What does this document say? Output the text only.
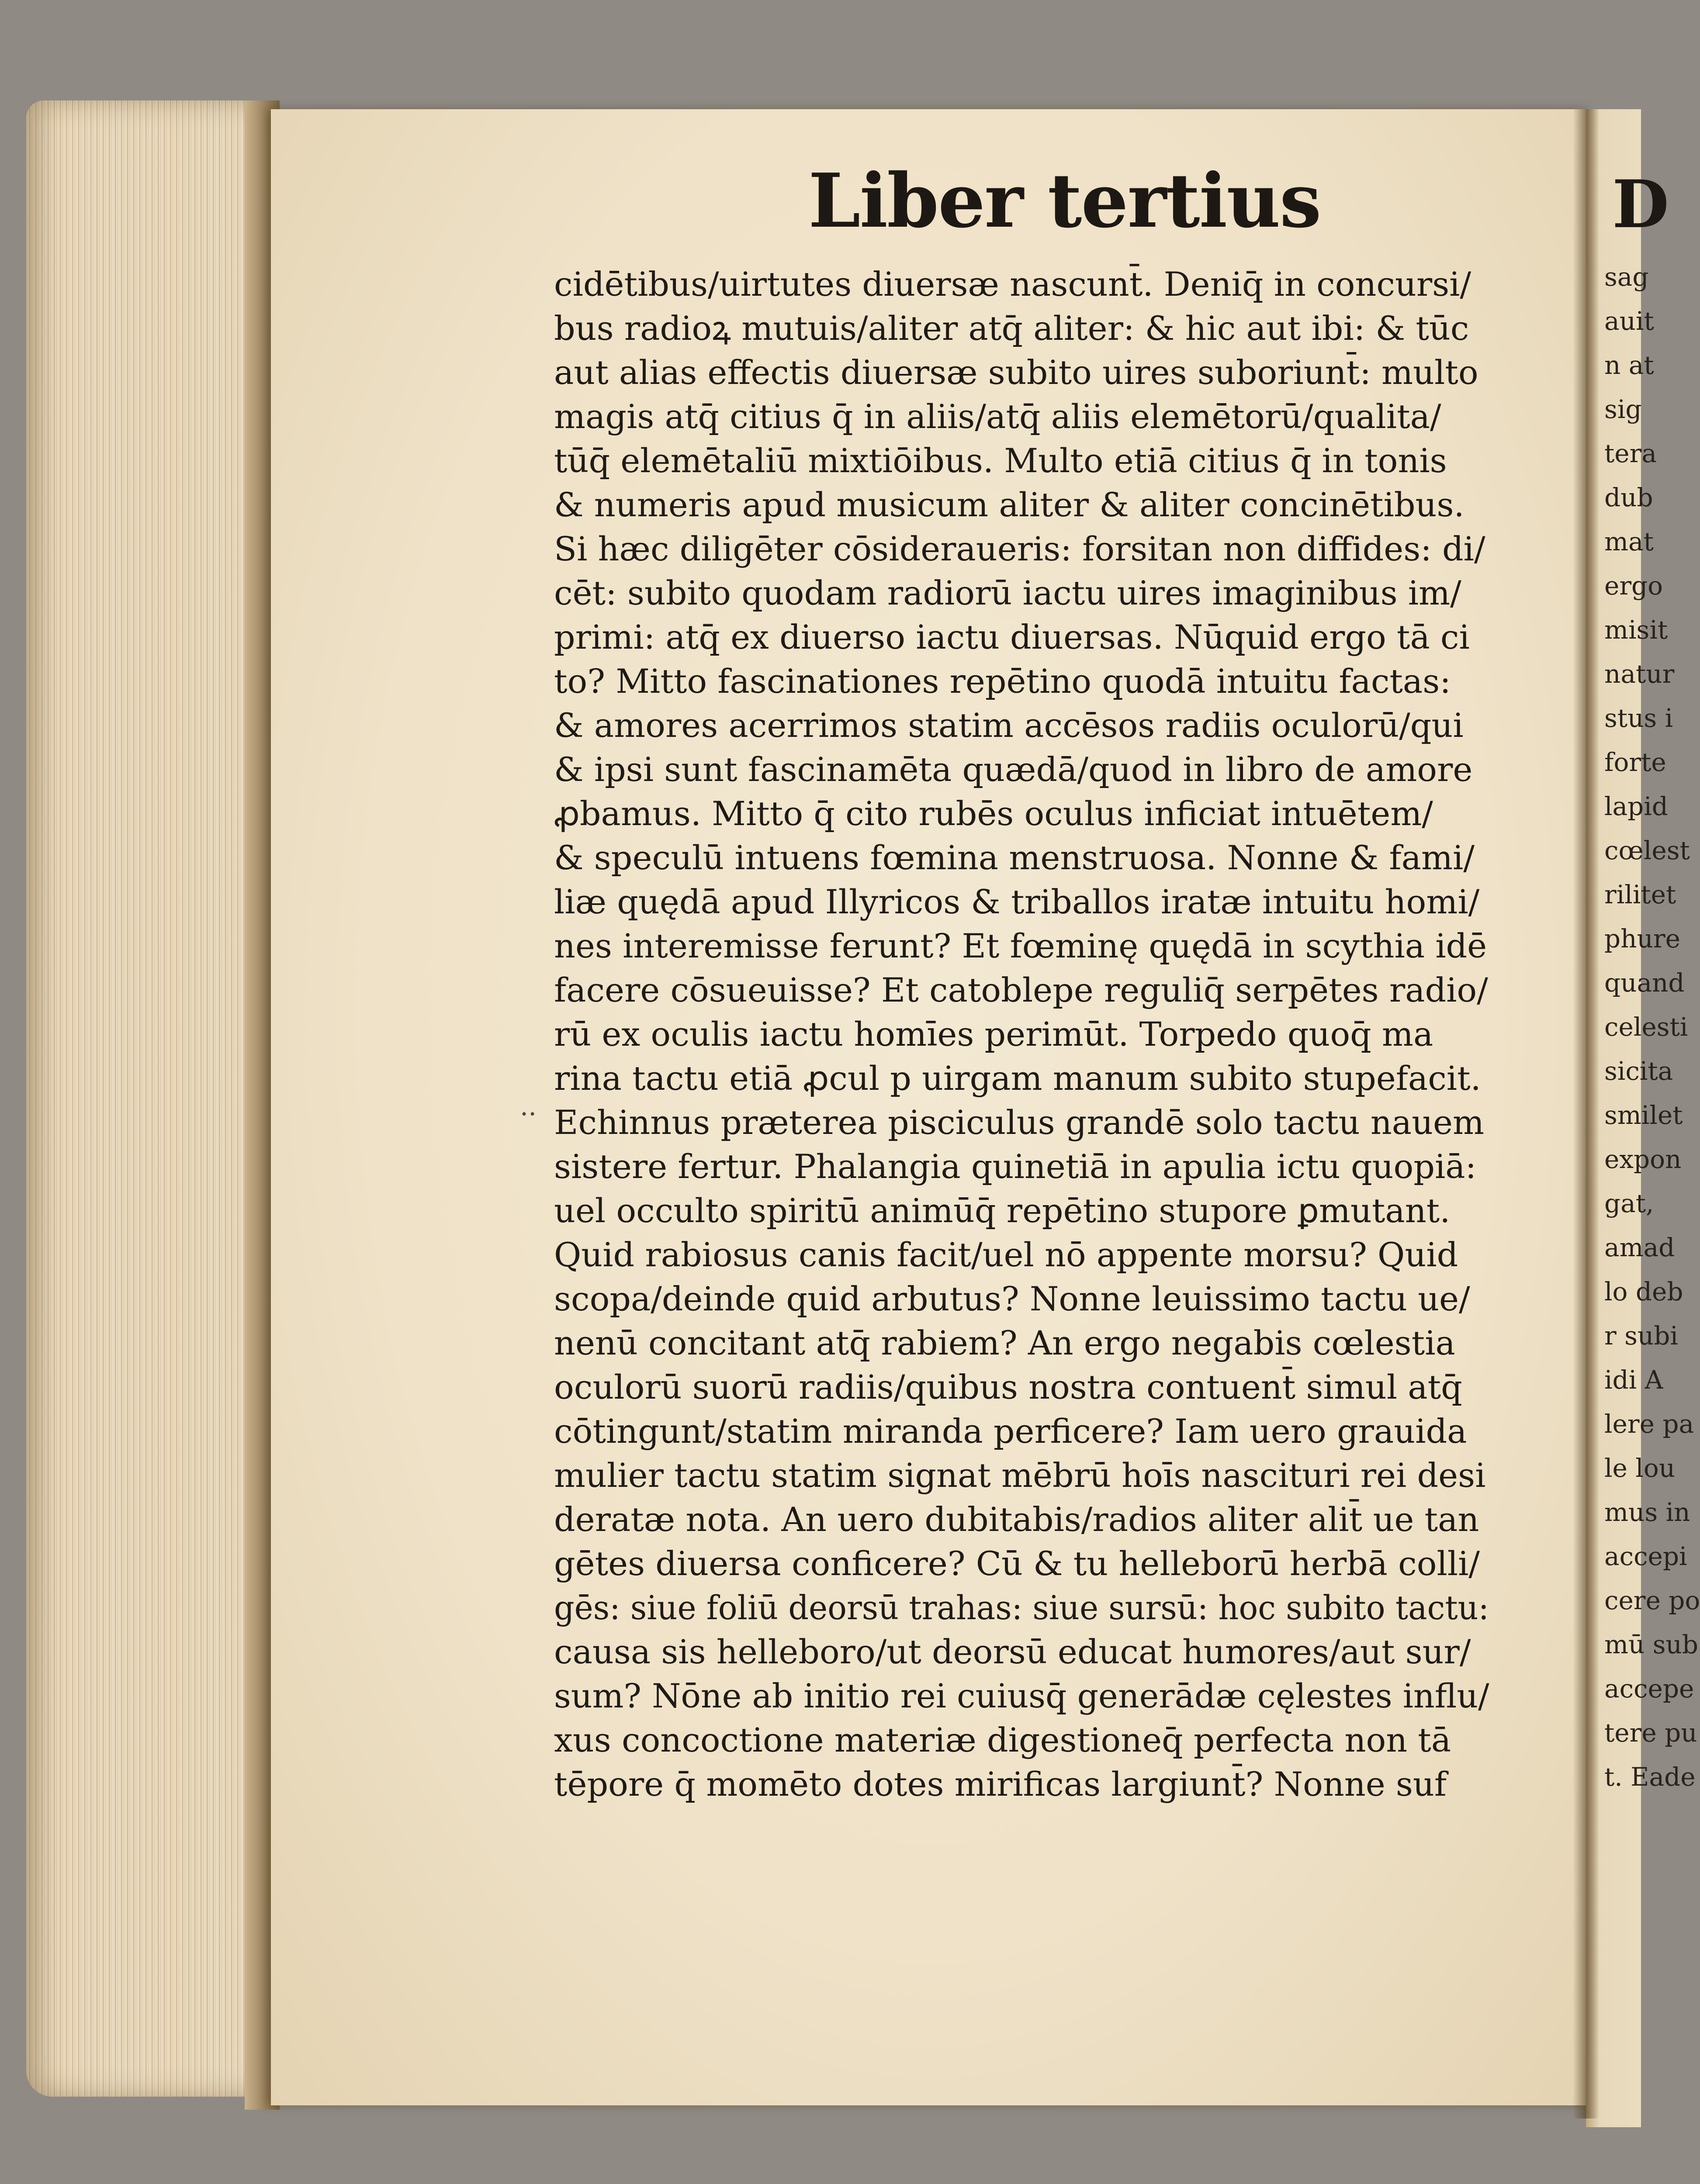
Liber tertius
..
cidētibus/uirtutes diuersæ nascunt̄. Deniq̄ in concursi/
bus radioꝝ mutuis/aliter atq̄ aliter: & hic aut ibi: & tūc
aut alias effectis diuersæ subito uires suboriunt̄: multo
magis atq̄ citius q̄ in aliis/atq̄ aliis elemētorū/qualita/
tūq̄ elemētaliū mixtiōibus. Multo etiā citius q̄ in tonis
& numeris apud musicum aliter & aliter concinētibus.
Si hæc diligēter cōsideraueris: forsitan non diffides: di/
cēt: subito quodam radiorū iactu uires imaginibus im/
primi: atq̄ ex diuerso iactu diuersas. Nūquid ergo tā ci
to? Mitto fascinationes repētino quodā intuitu factas:
& amores acerrimos statim accēsos radiis oculorū/qui
& ipsi sunt fascinamēta quædā/quod in libro de amore
ꝓbamus. Mitto q̄ cito rubēs oculus inficiat intuētem/
& speculū intuens fœmina menstruosa. Nonne & fami/
liæ quędā apud Illyricos & triballos iratæ intuitu homi/
nes interemisse ferunt? Et fœminę quędā in scythia idē
facere cōsueuisse? Et catoblepe reguliq̄ serpētes radio/
rū ex oculis iactu homīes perimūt. Torpedo quoq̄ ma
rina tactu etiā ꝓcul p uirgam manum subito stupefacit.
Echinnus prætereа pisciculus grandē solo tactu nauem
sistere fertur. Phalangia quinetiā in apulia ictu quopiā:
uel occulto spiritū animūq̄ repētino stupore ꝑmutant.
Quid rabiosus canis facit/uel nō appente morsu? Quid
scopa/deinde quid arbutus? Nonne leuissimo tactu ue/
nenū concitant atq̄ rabiem? An ergo negabis cœlestia
oculorū suorū radiis/quibus nostra contuent̄ simul atq̄
cōtingunt/statim miranda perficere? Iam uero grauida
mulier tactu statim signat mēbrū hoīs nascituri rei desi
deratæ nota. An uero dubitabis/radios aliter alit̄ ue tan
gētes diuersa conficere? Cū & tu helleborū herbā colli/
gēs: siue foliū deorsū trahas: siue sursū: hoc subito tactu:
causa sis helleboro/ut deorsū educat humores/aut sur/
sum? Nōne ab initio rei cuiusq̄ generādæ cęlestes influ/
xus concoctione materiæ digestioneq̄ perfecta non tā
tēpore q̄ momēto dotes mirificas largiunt̄? Nonne suf
D
sag
auit
n at
sig
tera
dub
mat
ergo
misit
natur
stus i
forte
lapid
cœlest
rilitet
phure
quand
celesti
sicita
smilet
expon
gat,
amad
lo deb
r subi
idi A
lere pa
le lou
mus in
accepi
cere po
mū sub
accepe
tere pu
t. Eade
